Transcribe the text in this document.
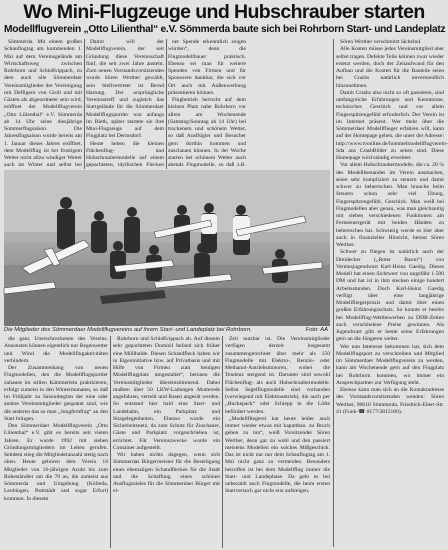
Wo Mini-Flugzeuge und Hubschrauber starten
Modellflugverein „Otto Lilienthal“ e.V. Sömmerda baute sich bei Rohrborn Start- und Landeplatz

Sömmerda. Mit einem großen Schauflugtag am kommenden 1. Mai auf dem Vereinsgelände am Wirtschaftsweg zwischen Rohrborn und Schloßvippach, zu dem auch alle Sömmerdaer Vereinsmitglieder der Vereinigung mit Defligern von Groll und mit Gästen als abgeordneter sein wird, eröffnet der Modellflugverein „Otto Lilienthal“ e.V. Sömmerda ab 14 Uhr seine diesjährige Sommerflugsaison. Die Jahresflugsaison wurde bereits am 1. Januar dieses Jahres eröffnet, dem Modellflug ist bei frostigem Wetter nicht allzu windiger Wetter auch im Winter und selbst bei

Damit will der Modellflugverein, der seit Gründung diese Vereinsschaft fünf, die seit zwei Jahre ansteht. Zum neuen Vorstandsvorsitzenden wurde Sören Werther gewählt, sein Stellvertreter ist Bernd Hartung. Der ursprüngliche Vereinsstreff und zugleich das Startgelände für die Sömmerdaer Modellflugsportler war anfangs im Rieth, später startete sie ihre Mini-Flugzeuge auf dem Flugplatz bei Dermsdorf.

Heute heben die kleinen Flächenflug- und Hubschraubermodelle auf einem gepachteten, idyllischen Flecken

ner Spende erkenntlich zeigen würden“, denn die Flugmodellbauer praktisch. Ebenso sei man für weitere Spenden von Firmen und für Sponsoren dankbar, die sich vor Ort auch mit Außenwerbung präsentieren können.

Flugbetrieb herrscht auf dem kleinen Platz nahe Rohrborn vor allem am Wochenende (Samstag/Sonntag ab 14 Uhr) bei trockenem und schönem Wetter, so daß Ausflügler und Besucher gern dorthin kommen und zuschauen können. In der Woche starten bei schönem Wetter auch abends Flugmodelle, so daß z.B.

Sören Werther verschmitzt lächelnd.

Alle Kosten müsse jedes Vereinsmitglied aber selbst tragen. Defekte Teile können zwar wieder ersetzt werden, doch der Zeitaufwand für den Aufbau und die Kosten für die Bauteile seien bei Crashs natürlich unvermeidlich hinzunehmen.

Damit Crashs also nicht so oft passieren, sind umfangreiche Erfahrungen und Kenntnisse, technisches Geschick und vor allem Fingerspitzengefühl erforderlich. Der Verein ist im Internet präsent. Wer mehr über die Sömmerdaer Modellflieger erfahren will, kann auf der Homepage gehen, die unter der Adresse: http://www.tvonline.de/hommelmodellflugverein-Sda aus CrashBilder zu sehen sind. Diese Homepage wird ständig erweitert.

Vor allem Hubschraubermodelle, die ca. 20 % des Modellbestandes im Verein ausmachen, seien sehr kompliziert zu steuern und damit schwer zu beherrschen. Man brauche beim Steuern schon sehr viel Übung, Fingerspitzengefühl, Geschick. Man weiß bei Flugmodellen aber genau, was man gleichzeitig mit sieben verschiedenen Funktionen am Fernsteuergerät mit beiden Händen zu beherrschen hat. Schwierig werde es hier aber auch in finanzieller Hinsicht, betont Sören Werther.

Schwer zu fliegen ist natürlich auch der Dreidecker („Roter Baron“) von Vereinsjugendwart Karl-Heinz Gaedig. Dieses Modell hat einen Sichtwert von ungefähr 1.500 DM und hat ist in ihm stecken einige hundert Arbeitsstunden. Doch Karl-Heinz Gaedig verfügt über eine langjährige Modellfliegerpraxis und damit über einen großen Erfahrungsschatz. So konnte er bereits bei Modellflug-Wettbewerben zu DDR-Zeiten auch verschiedene Preise gewinnen. Als Jugendwart gibt er heute seine Erfahrungen gern an die Jüngeren weiter.

Wer nun Interesse bekommen hat, sich dem Modellflugsport zu verschreiben und Mitglied im Sömmerdaer Modellflugverein zu werden, kann am Wochenende gern auf den Flugplatz bei Rohrborn kommen, wo immer ein Ansprechpartner zur Verfügung steht.

Ebenso kann man sich an die Kontaktadresse des Vorstandsvorsitzenden wenden: Sören Werther, 99610 Sömmerda, Friedrich-Ebert-Str. 41 (Funk-☎ 0177/3815180).

Die Mitglieder des Sömmerdaer Modellflugvereins auf ihrem Start- und Landeplatz bei Rohrborn.	Foto: AA

die ganz Unerschrockenen des Vereins. Ansonsten können eigentlich nur Regenwetter und Wind die Modellflugaktivitäten verhindern.

Der Zusammenhang von neuen Flugmodellen, den die Modellflugsportler zuhause im stillen Kämmerlein praktizieren, erfolgt zumeist in den Wintermonaten, so daß im Frühjahr zu Saisonbeginn der eine oder andere Vereinsmitglieder gespannt sind, wie die anderen das so man „Jungfernflug“ an den Start bringen.

Den Sömmerdaer Modellflugverein „Otto Lilienthal“ e.V. gibt es bereits seit vielen Jahren. Er wurde 1992 mit sieben Gründungsmitgliedern im Leben gerufen. Seitdem stieg die Mitgliederanzahl stetig nach oben. Heute gehören dem Verein 18 Mitglieder von 16-jährigen Azubi bis zum Ruheständler um die 70 an, die zumeist aus Sömmerda und Umgebung (Kölleda, Leubingen, Buttstädt und sogar Erfurt) kommen. In diesem

Rohrborn und Schloßvippach ab. Auf diesem sehr gepachteten Domizil befand sich früher eine Müllhalde. Diesen Schandfleck haben wir in Eigeninitiative bzw. auf Privatbasis und mit Hilfe von Firmen zum heutigen Modellflugplatz umgestaltet“, betonen die Vereinsmitglieder übereinstimmend. Dabei mußten über 50 LKW-Ladungen Mutterede angefahren, verteilt und Rasen angesät werden. So entstand hier bald eine Start- und Landebahn, ein Parkplatz und Sitzgelegenheiten. Ebenso wurde ein Sicherheitsnetz, da zum Schutz für Zuschauer, Gäste und Parkplatz vorgeschrieben ist, errichtet. Für Vereinszwecke wurde ein Container aufgestellt.

Wir haben nichts dagegen, wenn sich Sömmerdas Bürgermeister für die Beseitigung eines ehemaligen Schandfleckes für die Stadt und die Schaffung eines schönen Ausflugszieles für die Sömmerdaer Bürger mit ei-

Zeit nutzbar ist. Die Vereinsmitglieder verfügen derzeit insgesamt zusammengerechnet über mehr als 150 Flugmodelle mit Elektro-, Benzin- oder Methanol-Antriebsmotoren, wobei die Tendenz steigend ist. Darunter sind sowohl Flächenflug- als auch Hubschraubermodelle. Selbst Segelflugmodelle sind vorhanden (vorwiegend mit Elektroantrieb), die auch per „Huckepack“ oder Schlepp in die Lüfte befördert werden.

„Modellfliegerei hat heute leider auch immer wieder etwas mit kaputtbau. zu Bruch gehen zu tun“, weiß Vorsitzender Sören Werther, denn gar zu wohl und den passiert meistens Modellen ein solches Mißgeschick. Das ist nicht nur nur dem Schauflugtag am 1. Mai nicht ganz zu vermeiden. Besonders betroffen ist bei dem Modellflug immer die Start- und Landephase. Da geht es bei unbezahlt auch Flugmodelle, die beim ersten Startversuch gar nicht erst aufsteigen,
